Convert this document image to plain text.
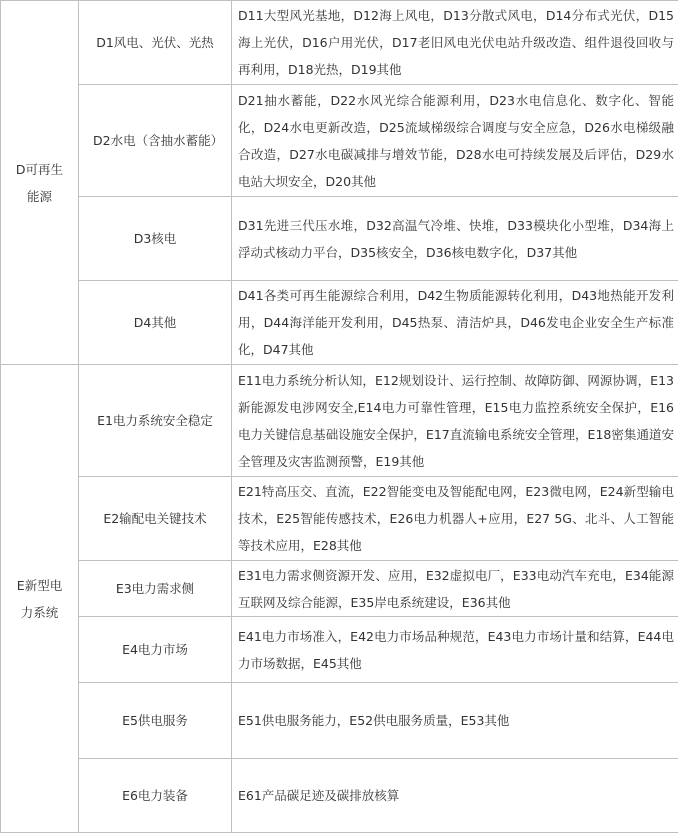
D可再生能源	D1风电、光伏、光热	D11大型风光基地，D12海上风电，D13分散式风电，D14分布式光伏，D15海上光伏，D16户用光伏，D17老旧风电光伏电站升级改造、组件退役回收与再利用，D18光热，D19其他
	D2水电（含抽水蓄能）	D21抽水蓄能，D22水风光综合能源利用，D23水电信息化、数字化、智能化，D24水电更新改造，D25流域梯级综合调度与安全应急，D26水电梯级融合改造，D27水电碳减排与增效节能，D28水电可持续发展及后评估，D29水电站大坝安全，D20其他
	D3核电	D31先进三代压水堆，D32高温气冷堆、快堆，D33模块化小型堆，D34海上浮动式核动力平台，D35核安全，D36核电数字化，D37其他
	D4其他	D41各类可再生能源综合利用，D42生物质能源转化利用，D43地热能开发利用，D44海洋能开发利用，D45热泵、清洁炉具，D46发电企业安全生产标准化，D47其他
E新型电力系统	E1电力系统安全稳定	E11电力系统分析认知，E12规划设计、运行控制、故障防御、网源协调，E13新能源发电涉网安全,E14电力可靠性管理，E15电力监控系统安全保护，E16电力关键信息基础设施安全保护，E17直流输电系统安全管理，E18密集通道安全管理及灾害监测预警，E19其他
	E2输配电关键技术	E21特高压交、直流，E22智能变电及智能配电网，E23微电网，E24新型输电技术，E25智能传感技术，E26电力机器人+应用，E27 5G、北斗、人工智能等技术应用，E28其他
	E3电力需求侧	E31电力需求侧资源开发、应用，E32虚拟电厂，E33电动汽车充电，E34能源互联网及综合能源，E35岸电系统建设，E36其他
	E4电力市场	E41电力市场准入，E42电力市场品种规范，E43电力市场计量和结算，E44电力市场数据，E45其他
	E5供电服务	E51供电服务能力，E52供电服务质量，E53其他
	E6电力装备	E61产品碳足迹及碳排放核算
